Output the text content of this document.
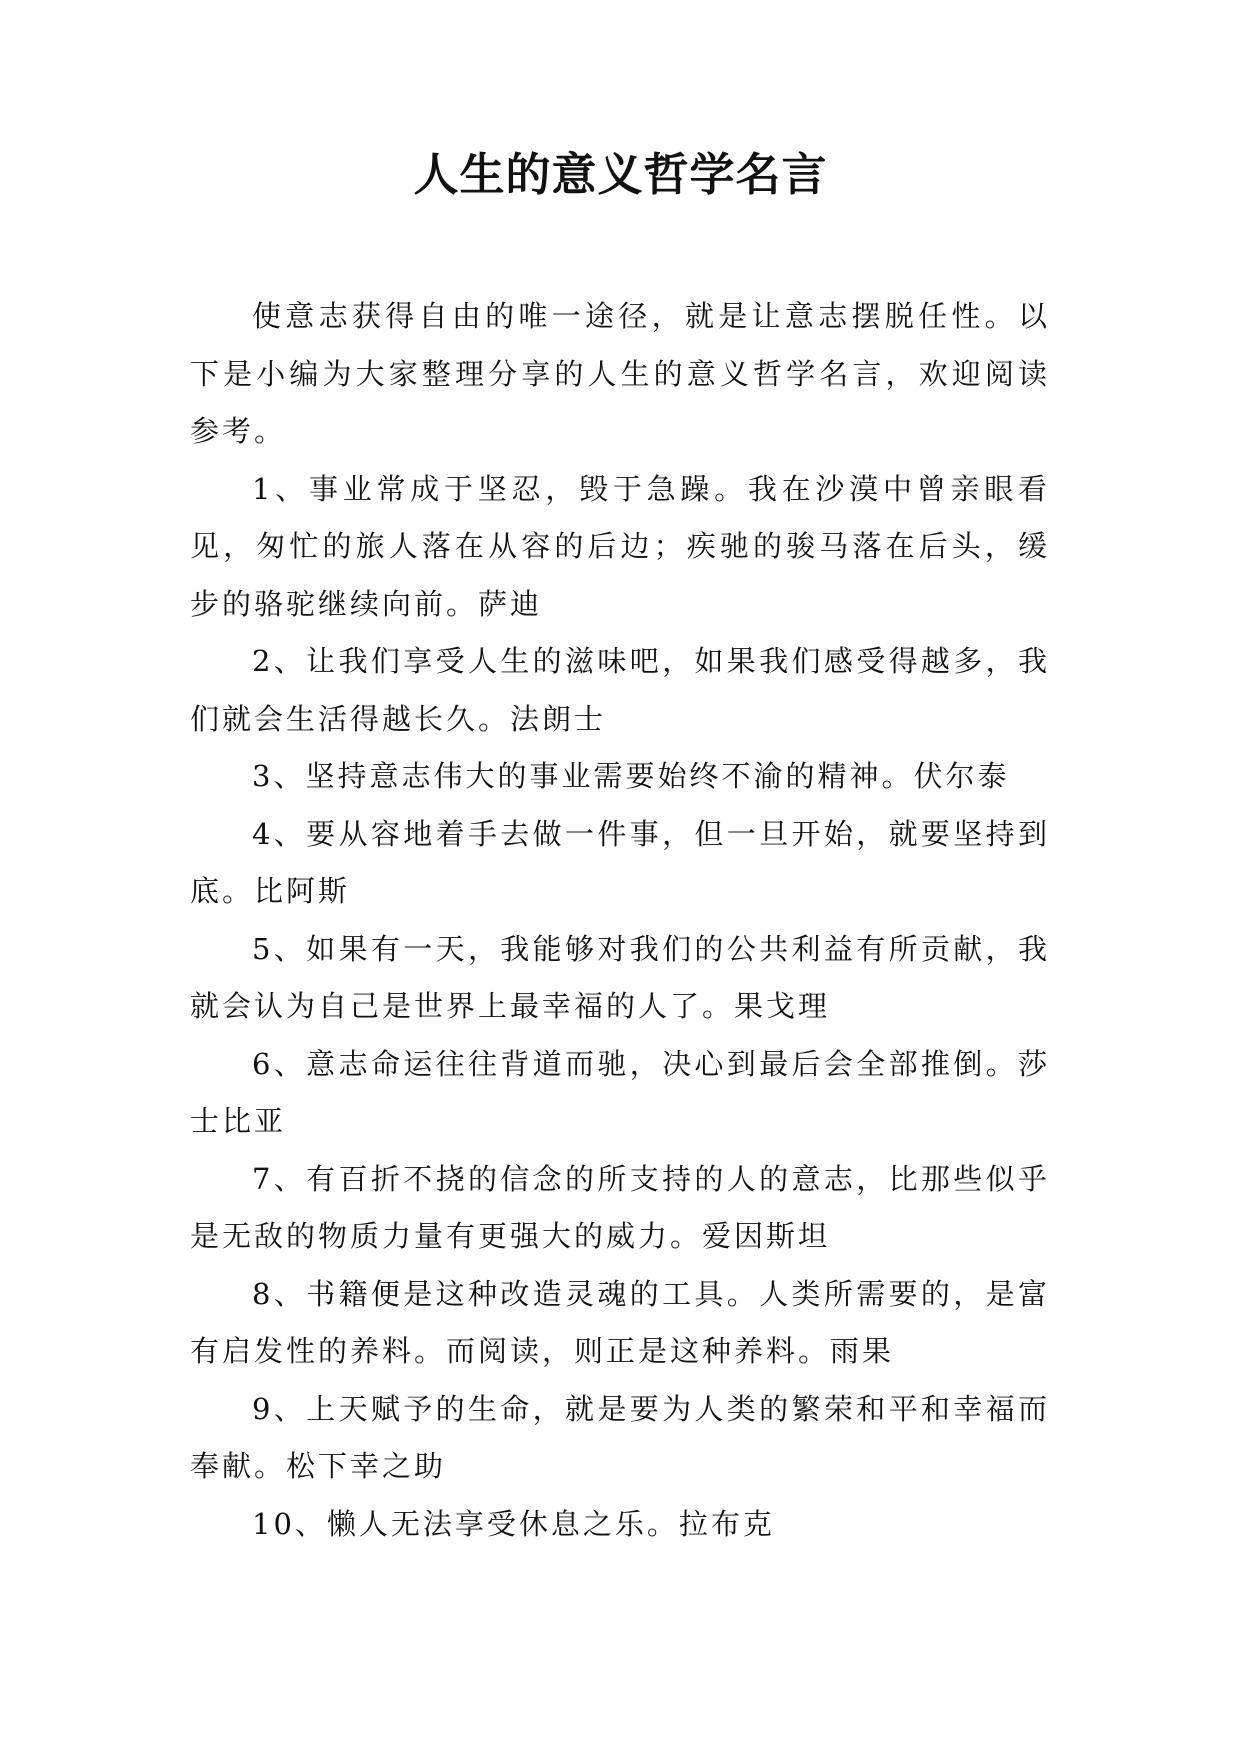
人生的意义哲学名言

使意志获得自由的唯一途径，就是让意志摆脱任性。以下是小编为大家整理分享的人生的意义哲学名言，欢迎阅读参考。

1、事业常成于坚忍，毁于急躁。我在沙漠中曾亲眼看见，匆忙的旅人落在从容的后边；疾驰的骏马落在后头，缓步的骆驼继续向前。萨迪

2、让我们享受人生的滋味吧，如果我们感受得越多，我们就会生活得越长久。法朗士

3、坚持意志伟大的事业需要始终不渝的精神。伏尔泰

4、要从容地着手去做一件事，但一旦开始，就要坚持到底。比阿斯

5、如果有一天，我能够对我们的公共利益有所贡献，我就会认为自己是世界上最幸福的人了。果戈理

6、意志命运往往背道而驰，决心到最后会全部推倒。莎士比亚

7、有百折不挠的信念的所支持的人的意志，比那些似乎是无敌的物质力量有更强大的威力。爱因斯坦

8、书籍便是这种改造灵魂的工具。人类所需要的，是富有启发性的养料。而阅读，则正是这种养料。雨果

9、上天赋予的生命，就是要为人类的繁荣和平和幸福而奉献。松下幸之助

10、懒人无法享受休息之乐。拉布克
